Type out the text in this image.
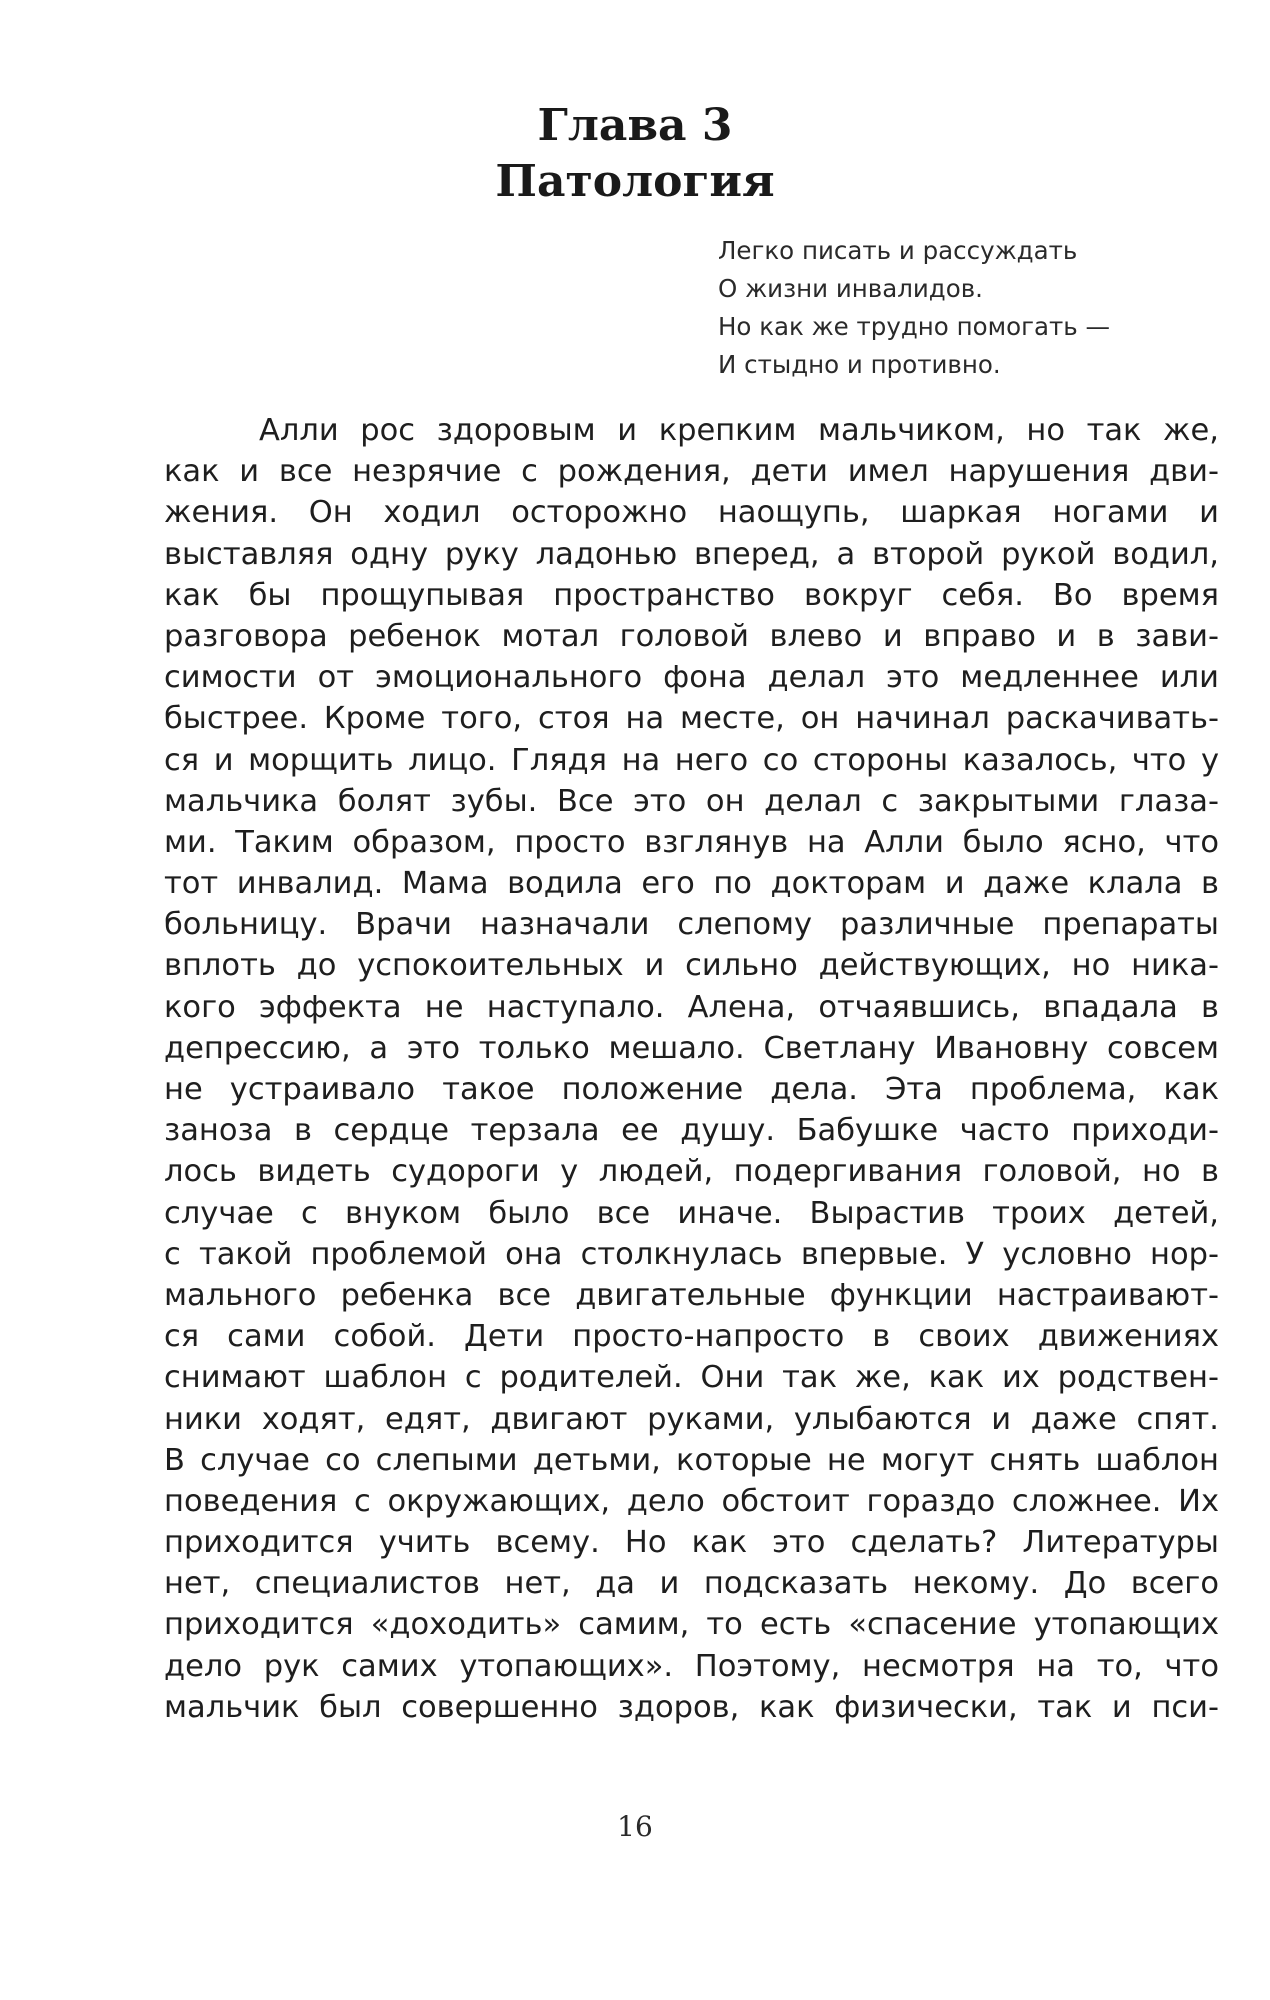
Глава 3
Патология
Легко писать и рассуждать
О жизни инвалидов.
Но как же трудно помогать —
И стыдно и противно.
Алли рос здоровым и крепким мальчиком, но так же,
как и все незрячие с рождения, дети имел нарушения дви-
жения. Он ходил осторожно наощупь, шаркая ногами и
выставляя одну руку ладонью вперед, а второй рукой водил,
как бы прощупывая пространство вокруг себя. Во время
разговора ребенок мотал головой влево и вправо и в зави-
симости от эмоционального фона делал это медленнее или
быстрее. Кроме того, стоя на месте, он начинал раскачивать-
ся и морщить лицо. Глядя на него со стороны казалось, что у
мальчика болят зубы. Все это он делал с закрытыми глаза-
ми. Таким образом, просто взглянув на Алли было ясно, что
тот инвалид. Мама водила его по докторам и даже клала в
больницу. Врачи назначали слепому различные препараты
вплоть до успокоительных и сильно действующих, но ника-
кого эффекта не наступало. Алена, отчаявшись, впадала в
депрессию, а это только мешало. Светлану Ивановну совсем
не устраивало такое положение дела. Эта проблема, как
заноза в сердце терзала ее душу. Бабушке часто приходи-
лось видеть судороги у людей, подергивания головой, но в
случае с внуком было все иначе. Вырастив троих детей,
с такой проблемой она столкнулась впервые. У условно нор-
мального ребенка все двигательные функции настраивают-
ся сами собой. Дети просто-напросто в своих движениях
снимают шаблон с родителей. Они так же, как их родствен-
ники ходят, едят, двигают руками, улыбаются и даже спят.
В случае со слепыми детьми, которые не могут снять шаблон
поведения с окружающих, дело обстоит гораздо сложнее. Их
приходится учить всему. Но как это сделать? Литературы
нет, специалистов нет, да и подсказать некому. До всего
приходится «доходить» самим, то есть «спасение утопающих
дело рук самих утопающих». Поэтому, несмотря на то, что
мальчик был совершенно здоров, как физически, так и пси-
16
